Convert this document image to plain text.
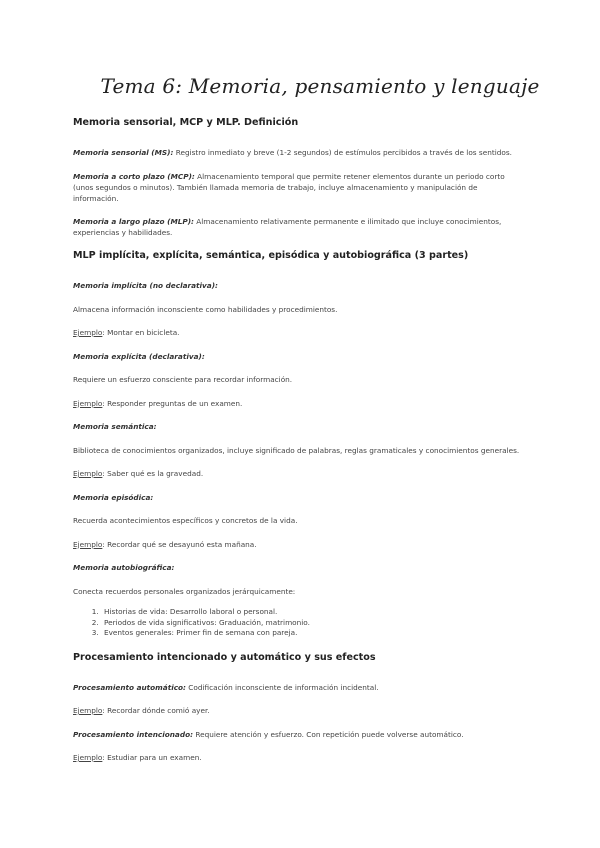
Tema 6: Memoria, pensamiento y lenguaje
Memoria sensorial, MCP y MLP. Definición

Memoria sensorial (MS): Registro inmediato y breve (1-2 segundos) de estímulos percibidos a través de los sentidos.

Memoria a corto plazo (MCP): Almacenamiento temporal que permite retener elementos durante un periodo corto (unos segundos o minutos). También llamada memoria de trabajo, incluye almacenamiento y manipulación de información.

Memoria a largo plazo (MLP): Almacenamiento relativamente permanente e ilimitado que incluye conocimientos, experiencias y habilidades.

MLP implícita, explícita, semántica, episódica y autobiográfica (3 partes)

Memoria implícita (no declarativa):

Almacena información inconsciente como habilidades y procedimientos.

Ejemplo: Montar en bicicleta.

Memoria explícita (declarativa):

Requiere un esfuerzo consciente para recordar información.

Ejemplo: Responder preguntas de un examen.

Memoria semántica:

Biblioteca de conocimientos organizados, incluye significado de palabras, reglas gramaticales y conocimientos generales.

Ejemplo: Saber qué es la gravedad.

Memoria episódica:

Recuerda acontecimientos específicos y concretos de la vida.

Ejemplo: Recordar qué se desayunó esta mañana.

Memoria autobiográfica:

Conecta recuerdos personales organizados jerárquicamente:

1. Historias de vida: Desarrollo laboral o personal.
2. Periodos de vida significativos: Graduación, matrimonio.
3. Eventos generales: Primer fin de semana con pareja.
Procesamiento intencionado y automático y sus efectos

Procesamiento automático: Codificación inconsciente de información incidental.

Ejemplo: Recordar dónde comió ayer.

Procesamiento intencionado: Requiere atención y esfuerzo. Con repetición puede volverse automático.

Ejemplo: Estudiar para un examen.
